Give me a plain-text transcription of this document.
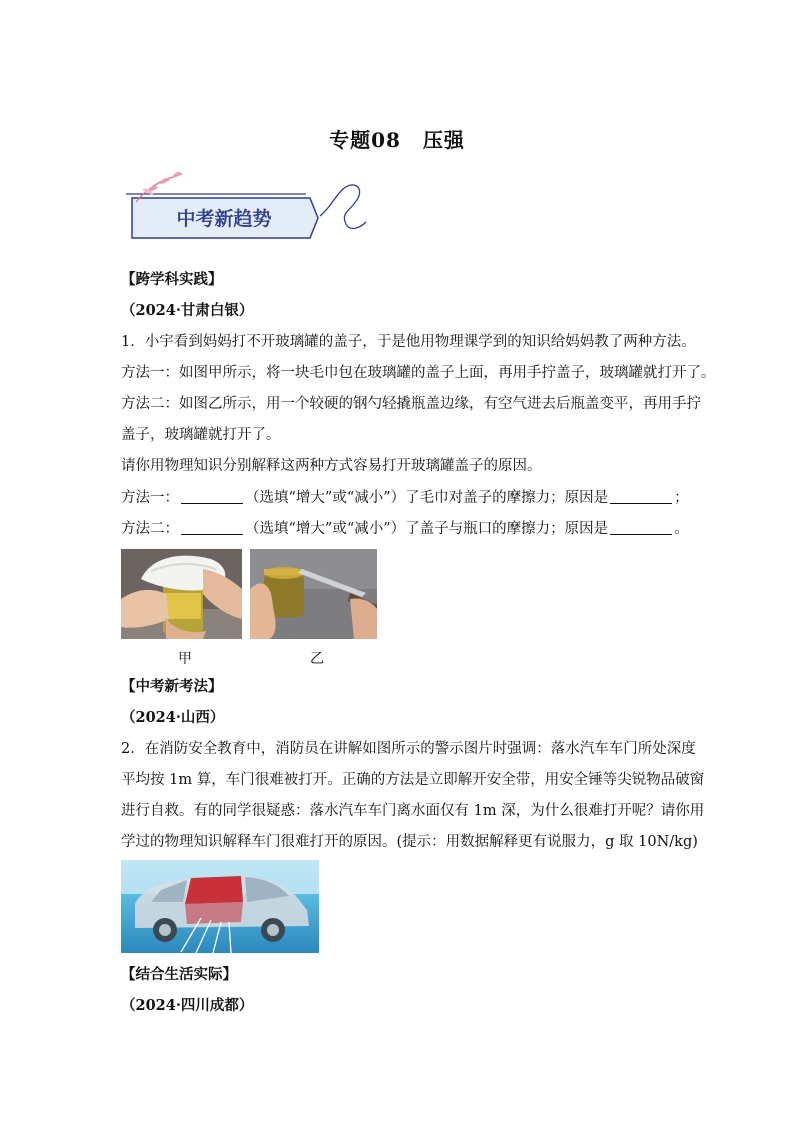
专题08 压强
中考新趋势
【跨学科实践】
（2024·甘肃白银）
1．小宇看到妈妈打不开玻璃罐的盖子，于是他用物理课学到的知识给妈妈教了两种方法。
方法一：如图甲所示，将一块毛巾包在玻璃罐的盖子上面，再用手拧盖子，玻璃罐就打开了。
方法二：如图乙所示，用一个较硬的钢勺轻撬瓶盖边缘，有空气进去后瓶盖变平，再用手拧
盖子，玻璃罐就打开了。
请你用物理知识分别解释这两种方式容易打开玻璃罐盖子的原因。
方法一：	（选填“增大”或“减小”）了毛巾对盖子的摩擦力；原因是	；
方法二：	（选填“增大”或“减小”）了盖子与瓶口的摩擦力；原因是	。
甲	乙
【中考新考法】
（2024·山西）
2．在消防安全教育中，消防员在讲解如图所示的警示图片时强调：落水汽车车门所处深度
平均按 1m 算，车门很难被打开。正确的方法是立即解开安全带，用安全锤等尖锐物品破窗
进行自救。有的同学很疑惑：落水汽车车门离水面仅有 1m 深，为什么很难打开呢？请你用
学过的物理知识解释车门很难打开的原因。(提示：用数据解释更有说服力，g 取 10N/kg)
【结合生活实际】
（2024·四川成都）
